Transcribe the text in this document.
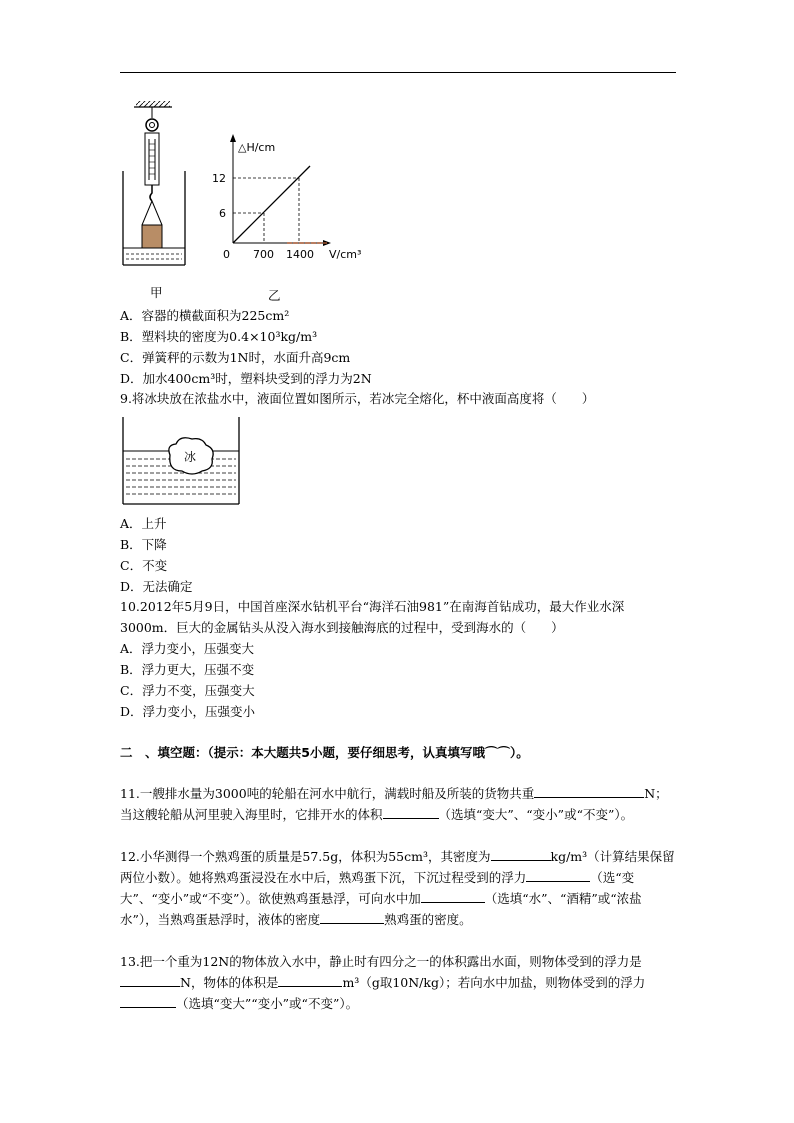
△H/cm
12
6
0 700 1400 V/cm³
甲	乙
A．容器的横截面积为225cm²
B．塑料块的密度为0.4×10³kg/m³
C．弹簧秤的示数为1N时，水面升高9cm
D．加水400cm³时，塑料块受到的浮力为2N
9.将冰块放在浓盐水中，液面位置如图所示，若冰完全熔化，杯中液面高度将（　　）
冰
A．上升
B．下降
C．不变
D．无法确定
10.2012年5月9日，中国首座深水钻机平台“海洋石油981”在南海首钻成功，最大作业水深3000m．巨大的金属钻头从没入海水到接触海底的过程中，受到海水的（　　）
A．浮力变小，压强变大
B．浮力更大，压强不变
C．浮力不变，压强变大
D．浮力变小，压强变小
二　、填空题：（提示：本大题共5小题，要仔细思考，认真填写哦⌒⌒）。
11.一艘排水量为3000吨的轮船在河水中航行，满载时船及所装的货物共重	N；当这艘轮船从河里驶入海里时，它排开水的体积	（选填“变大”、“变小”或“不变”）。
12.小华测得一个熟鸡蛋的质量是57.5g，体积为55cm³，其密度为	kg/m³（计算结果保留两位小数）。她将熟鸡蛋浸没在水中后，熟鸡蛋下沉，下沉过程受到的浮力	（选“变大”、“变小”或“不变”）。欲使熟鸡蛋悬浮，可向水中加	（选填“水”、“酒精”或“浓盐水”），当熟鸡蛋悬浮时，液体的密度	熟鸡蛋的密度。
13.把一个重为12N的物体放入水中，静止时有四分之一的体积露出水面，则物体受到的浮力是N，物体的体积是	m³（g取10N/kg）；若向水中加盐，则物体受到的浮力（选填“变大”“变小”或“不变”）。
